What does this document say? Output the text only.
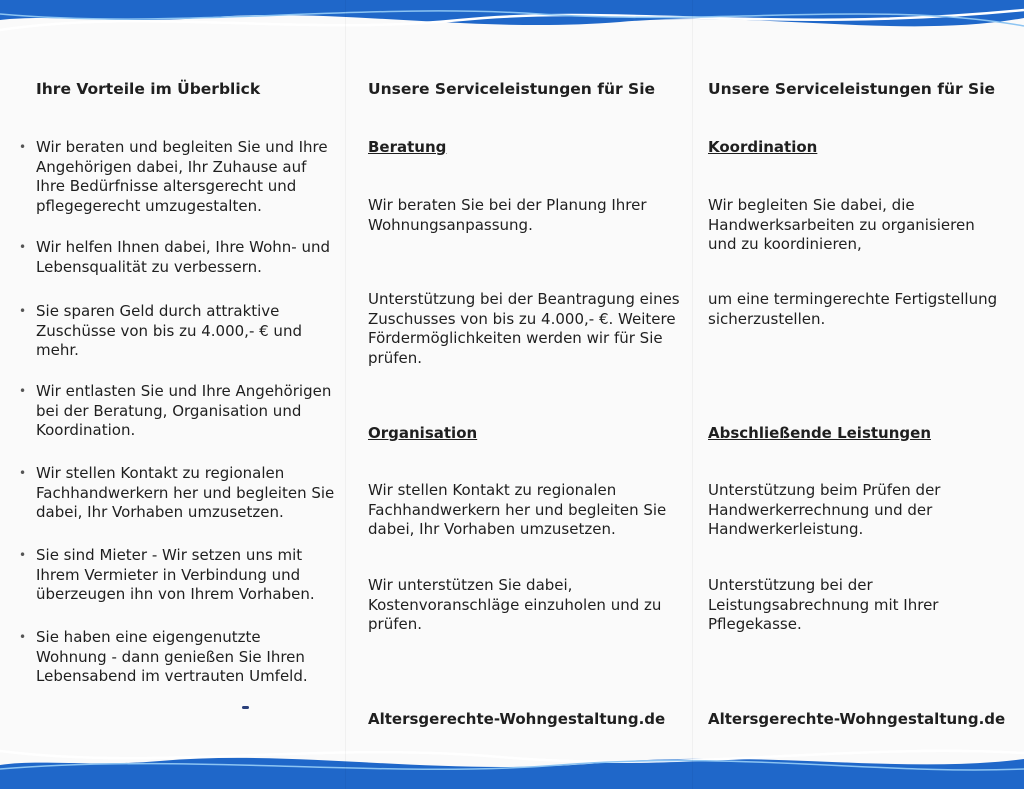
Ihre Vorteile im Überblick
• Wir beraten und begleiten Sie und Ihre Angehörigen dabei, Ihr Zuhause auf Ihre Bedürfnisse altersgerecht und pflegegerecht umzugestalten.
• Wir helfen Ihnen dabei, Ihre Wohn- und Lebensqualität zu verbessern.
• Sie sparen Geld durch attraktive Zuschüsse von bis zu 4.000,- € und mehr.
• Wir entlasten Sie und Ihre Angehörigen bei der Beratung, Organisation und Koordination.
• Wir stellen Kontakt zu regionalen Fachhandwerkern her und begleiten Sie dabei, Ihr Vorhaben umzusetzen.
• Sie sind Mieter - Wir setzen uns mit Ihrem Vermieter in Verbindung und überzeugen ihn von Ihrem Vorhaben.
• Sie haben eine eigengenutzte Wohnung - dann genießen Sie Ihren Lebensabend im vertrauten Umfeld.
Unsere Serviceleistungen für Sie
Beratung

Wir beraten Sie bei der Planung Ihrer Wohnungsanpassung.

Unterstützung bei der Beantragung eines Zuschusses von bis zu 4.000,- €. Weitere Fördermöglichkeiten werden wir für Sie prüfen.

Organisation

Wir stellen Kontakt zu regionalen Fachhandwerkern her und begleiten Sie dabei, Ihr Vorhaben umzusetzen.

Wir unterstützen Sie dabei, Kostenvoranschläge einzuholen und zu prüfen.

Altersgerechte-Wohngestaltung.de

Unsere Serviceleistungen für Sie
Koordination

Wir begleiten Sie dabei, die Handwerksarbeiten zu organisieren und zu koordinieren,

um eine termingerechte Fertigstellung sicherzustellen.

Abschließende Leistungen

Unterstützung beim Prüfen der Handwerkerrechnung und der Handwerkerleistung.

Unterstützung bei der Leistungsabrechnung mit Ihrer Pflegekasse.

Altersgerechte-Wohngestaltung.de
